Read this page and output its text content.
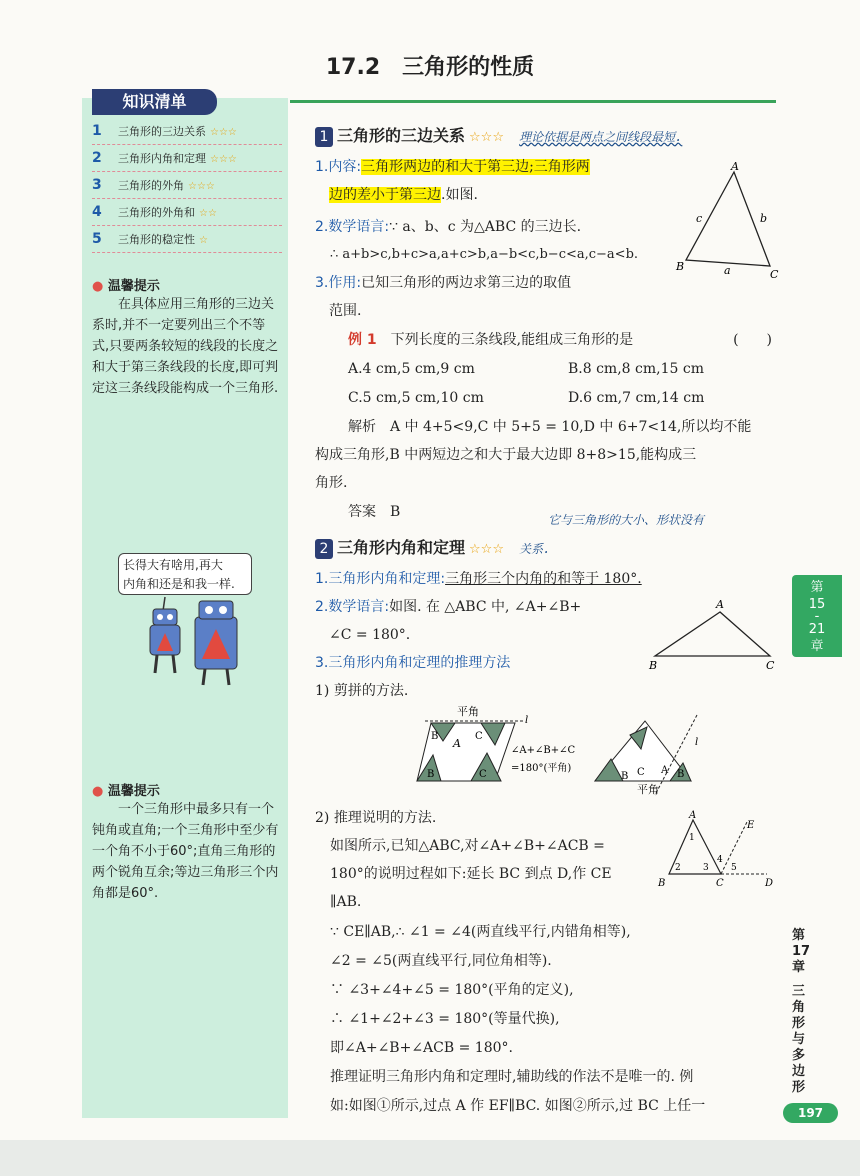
17.2　三角形的性质
知识清单
1 三角形的三边关系 ☆☆☆
2 三角形内角和定理 ☆☆☆
3 三角形的外角 ☆☆☆
4 三角形的外角和 ☆☆
5 三角形的稳定性 ☆
● 温馨提示
在具体应用三角形的三边关系时,并不一定要列出三个不等式,只要两条较短的线段的长度之和大于第三条线段的长度,即可判定这三条线段能构成一个三角形.
长得大有啥用,再大
内角和还是和我一样.
● 温馨提示
一个三角形中最多只有一个钝角或直角;一个三角形中至少有一个角不小于60°;直角三角形的两个锐角互余;等边三角形三个内角都是60°.
1 三角形的三边关系 ☆☆☆ 理论依据是两点之间线段最短.
1.内容:三角形两边的和大于第三边;三角形两
边的差小于第三边.如图.
2.数学语言:∵ a、b、c 为△ABC 的三边长.
∴ a+b>c,b+c>a,a+c>b,a−b<c,b−c<a,c−a<b.
3.作用:已知三角形的两边求第三边的取值
范围.
A
B
C
b
c
a
例 1　 下列长度的三条线段,能组成三角形的是	(　　)
A.4 cm,5 cm,9 cm	B.8 cm,8 cm,15 cm
C.5 cm,5 cm,10 cm	D.6 cm,7 cm,14 cm
解析　A 中 4+5<9,C 中 5+5 = 10,D 中 6+7<14,所以均不能
构成三角形,B 中两短边之和大于最大边即 8+8>15,能构成三
角形.
答案　B	它与三角形的大小、形状没有
2 三角形内角和定理 ☆☆☆ 关系.
1.三角形内角和定理:三角形三个内角的和等于 180°.
2.数学语言:如图. 在 △ABC 中, ∠A+∠B+
∠C = 180°.
A
B	C
3.三角形内角和定理的推理方法
1) 剪拼的方法.
l
A
C
B
B	C
平角
∠A+∠B+∠C
=180°(平角)
l
B C	B
A
平角
2) 推理说明的方法.
如图所示,已知△ABC,对∠A+∠B+∠ACB =
180°的说明过程如下:延长 BC 到点 D,作 CE
∥AB.
A
B	C	D
E
1
2 3
4
5
∵ CE∥AB,∴ ∠1 = ∠4(两直线平行,内错角相等),
∠2 = ∠5(两直线平行,同位角相等).
∵ ∠3+∠4+∠5 = 180°(平角的定义),
∴ ∠1+∠2+∠3 = 180°(等量代换),
即∠A+∠B+∠ACB = 180°.
推理证明三角形内角和定理时,辅助线的作法不是唯一的. 例
如:如图①所示,过点 A 作 EF∥BC. 如图②所示,过 BC 上任一
第
15
-
21
章
第
17
章
三
角
形
与
多
边
形
197
